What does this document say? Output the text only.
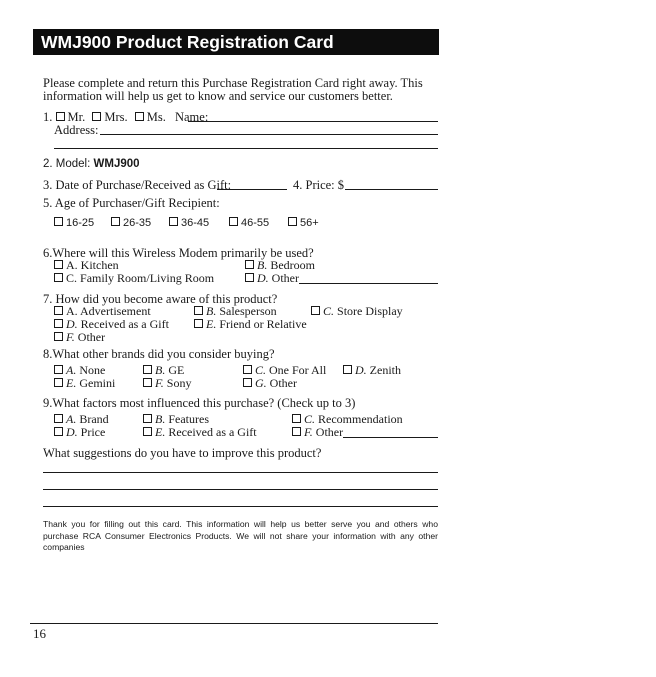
WMJ900 Product Registration Card
Please complete and return this Purchase Registration Card right away. This
information will help us get to know and service our customers better.
1. Mr. Mrs. Ms. Name:
Address:
2. Model: WMJ900
3. Date of Purchase/Received as Gift:	4. Price: $
5. Age of Purchaser/Gift Recipient:
16-25	26-35	36-45	46-55	56+
6.Where will this Wireless Modem primarily be used?
A. Kitchen	B. Bedroom
C. Family Room/Living Room	D. Other
7. How did you become aware of this product?
A. Advertisement	B. Salesperson	C. Store Display
D. Received as a Gift	E. Friend or Relative
F. Other
8.What other brands did you consider buying?
A. None	B. GE	C. One For All	D. Zenith
E. Gemini	F. Sony	G. Other
9.What factors most influenced this purchase? (Check up to 3)
A. Brand	B. Features	C. Recommendation
D. Price	E. Received as a Gift	F. Other
What suggestions do you have to improve this product?
Thank you for filling out this card. This information will help us better serve you and others who purchase RCA Consumer Electronics Products. We will not share your information with any other companies
16
